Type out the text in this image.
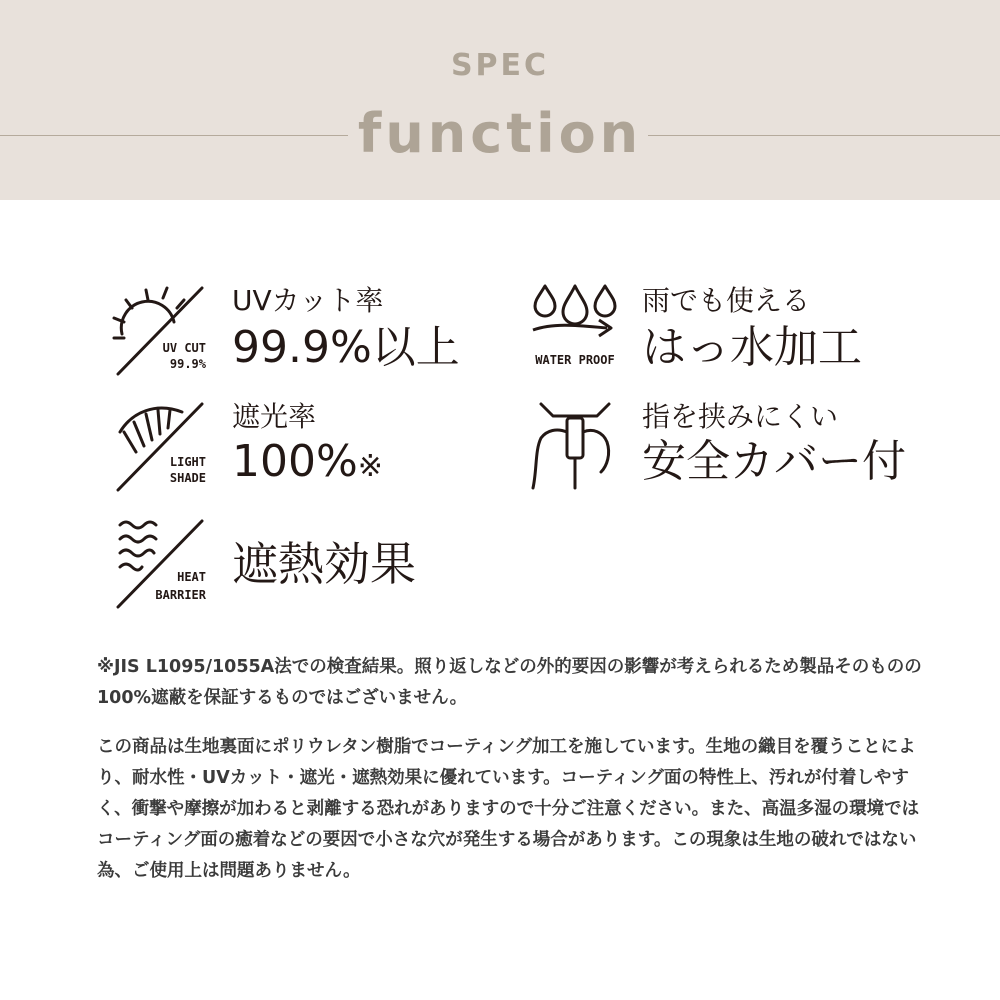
SPEC
function
UV CUT
99.9%
UVカット率
99.9%以上	WATER PROOF
雨でも使える
はっ水加工
LIGHT
SHADE
遮光率
100%※
指を挟みにくい
安全カバー付
HEAT
BARRIER
遮熱効果

※JIS L1095/1055A法での検査結果。照り返しなどの外的要因の影響が考えられるため製品そのものの100%遮蔽を保証するものではございません。

この商品は生地裏面にポリウレタン樹脂でコーティング加工を施しています。生地の織目を覆うことにより、耐水性・UVカット・遮光・遮熱効果に優れています。コーティング面の特性上、汚れが付着しやすく、衝撃や摩擦が加わると剥離する恐れがありますので十分ご注意ください。また、高温多湿の環境ではコーティング面の癒着などの要因で小さな穴が発生する場合があります。この現象は生地の破れではない為、ご使用上は問題ありません。
